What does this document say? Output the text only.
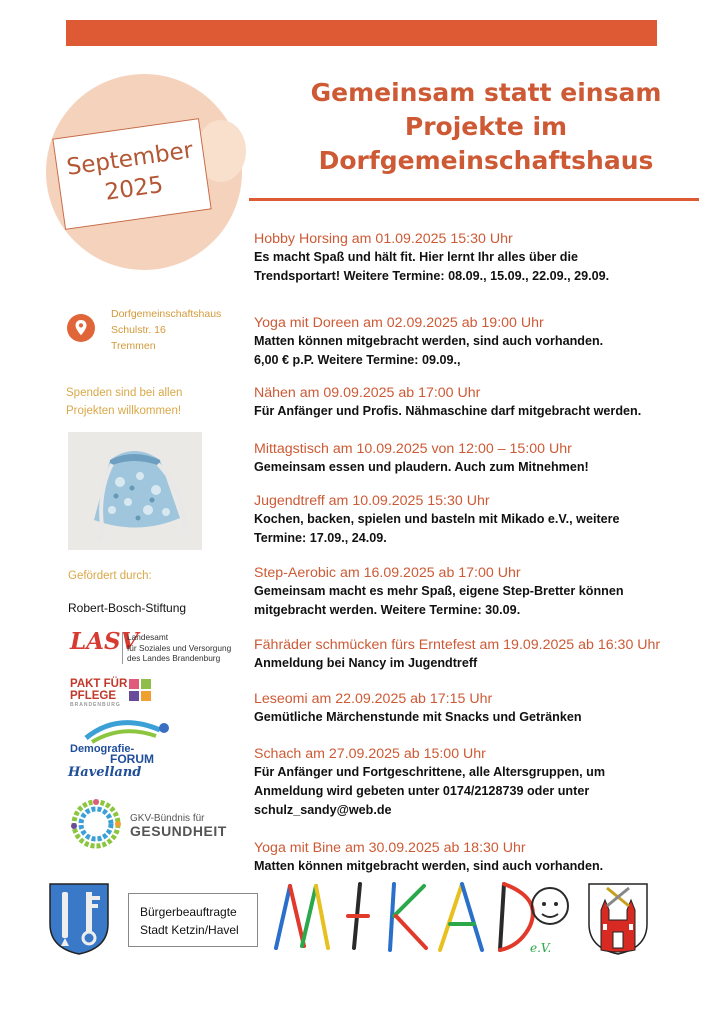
September
2025
Gemeinsam statt einsam
Projekte im
Dorfgemeinschaftshaus
Dorfgemeinschaftshaus
Schulstr. 16
Tremmen
Spenden sind bei allen
Projekten willkommen!
Gefördert durch:
Robert-Bosch-Stiftung
LASV
Landesamt
für Soziales und Versorgung
des Landes Brandenburg
PAKT FÜR
PFLEGE
BRANDENBURG
Demografie-
FORUM
Havelland
GKV-Bündnis für
GESUNDHEIT
Hobby Horsing am 01.09.2025 15:30 Uhr
Es macht Spaß und hält fit. Hier lernt Ihr alles über die
Trendsportart! Weitere Termine: 08.09., 15.09., 22.09., 29.09.
Yoga mit Doreen am 02.09.2025 ab 19:00 Uhr
Matten können mitgebracht werden, sind auch vorhanden.
6,00 € p.P. Weitere Termine: 09.09.,
Nähen am 09.09.2025 ab 17:00 Uhr
Für Anfänger und Profis. Nähmaschine darf mitgebracht werden.
Mittagstisch am 10.09.2025 von 12:00 – 15:00 Uhr
Gemeinsam essen und plaudern. Auch zum Mitnehmen!
Jugendtreff am 10.09.2025 15:30 Uhr
Kochen, backen, spielen und basteln mit Mikado e.V., weitere
Termine: 17.09., 24.09.
Step-Aerobic am 16.09.2025 ab 17:00 Uhr
Gemeinsam macht es mehr Spaß, eigene Step-Bretter können
mitgebracht werden. Weitere Termine: 30.09.
Fähräder schmücken fürs Erntefest am 19.09.2025 ab 16:30 Uhr
Anmeldung bei Nancy im Jugendtreff
Leseomi am 22.09.2025 ab 17:15 Uhr
Gemütliche Märchenstunde mit Snacks und Getränken
Schach am 27.09.2025 ab 15:00 Uhr
Für Anfänger und Fortgeschrittene, alle Altersgruppen, um
Anmeldung wird gebeten unter 0174/2128739 oder unter
schulz_sandy@web.de
Yoga mit Bine am 30.09.2025 ab 18:30 Uhr
Matten können mitgebracht werden, sind auch vorhanden.
Bürgerbeauftragte
Stadt Ketzin/Havel
e.V.
